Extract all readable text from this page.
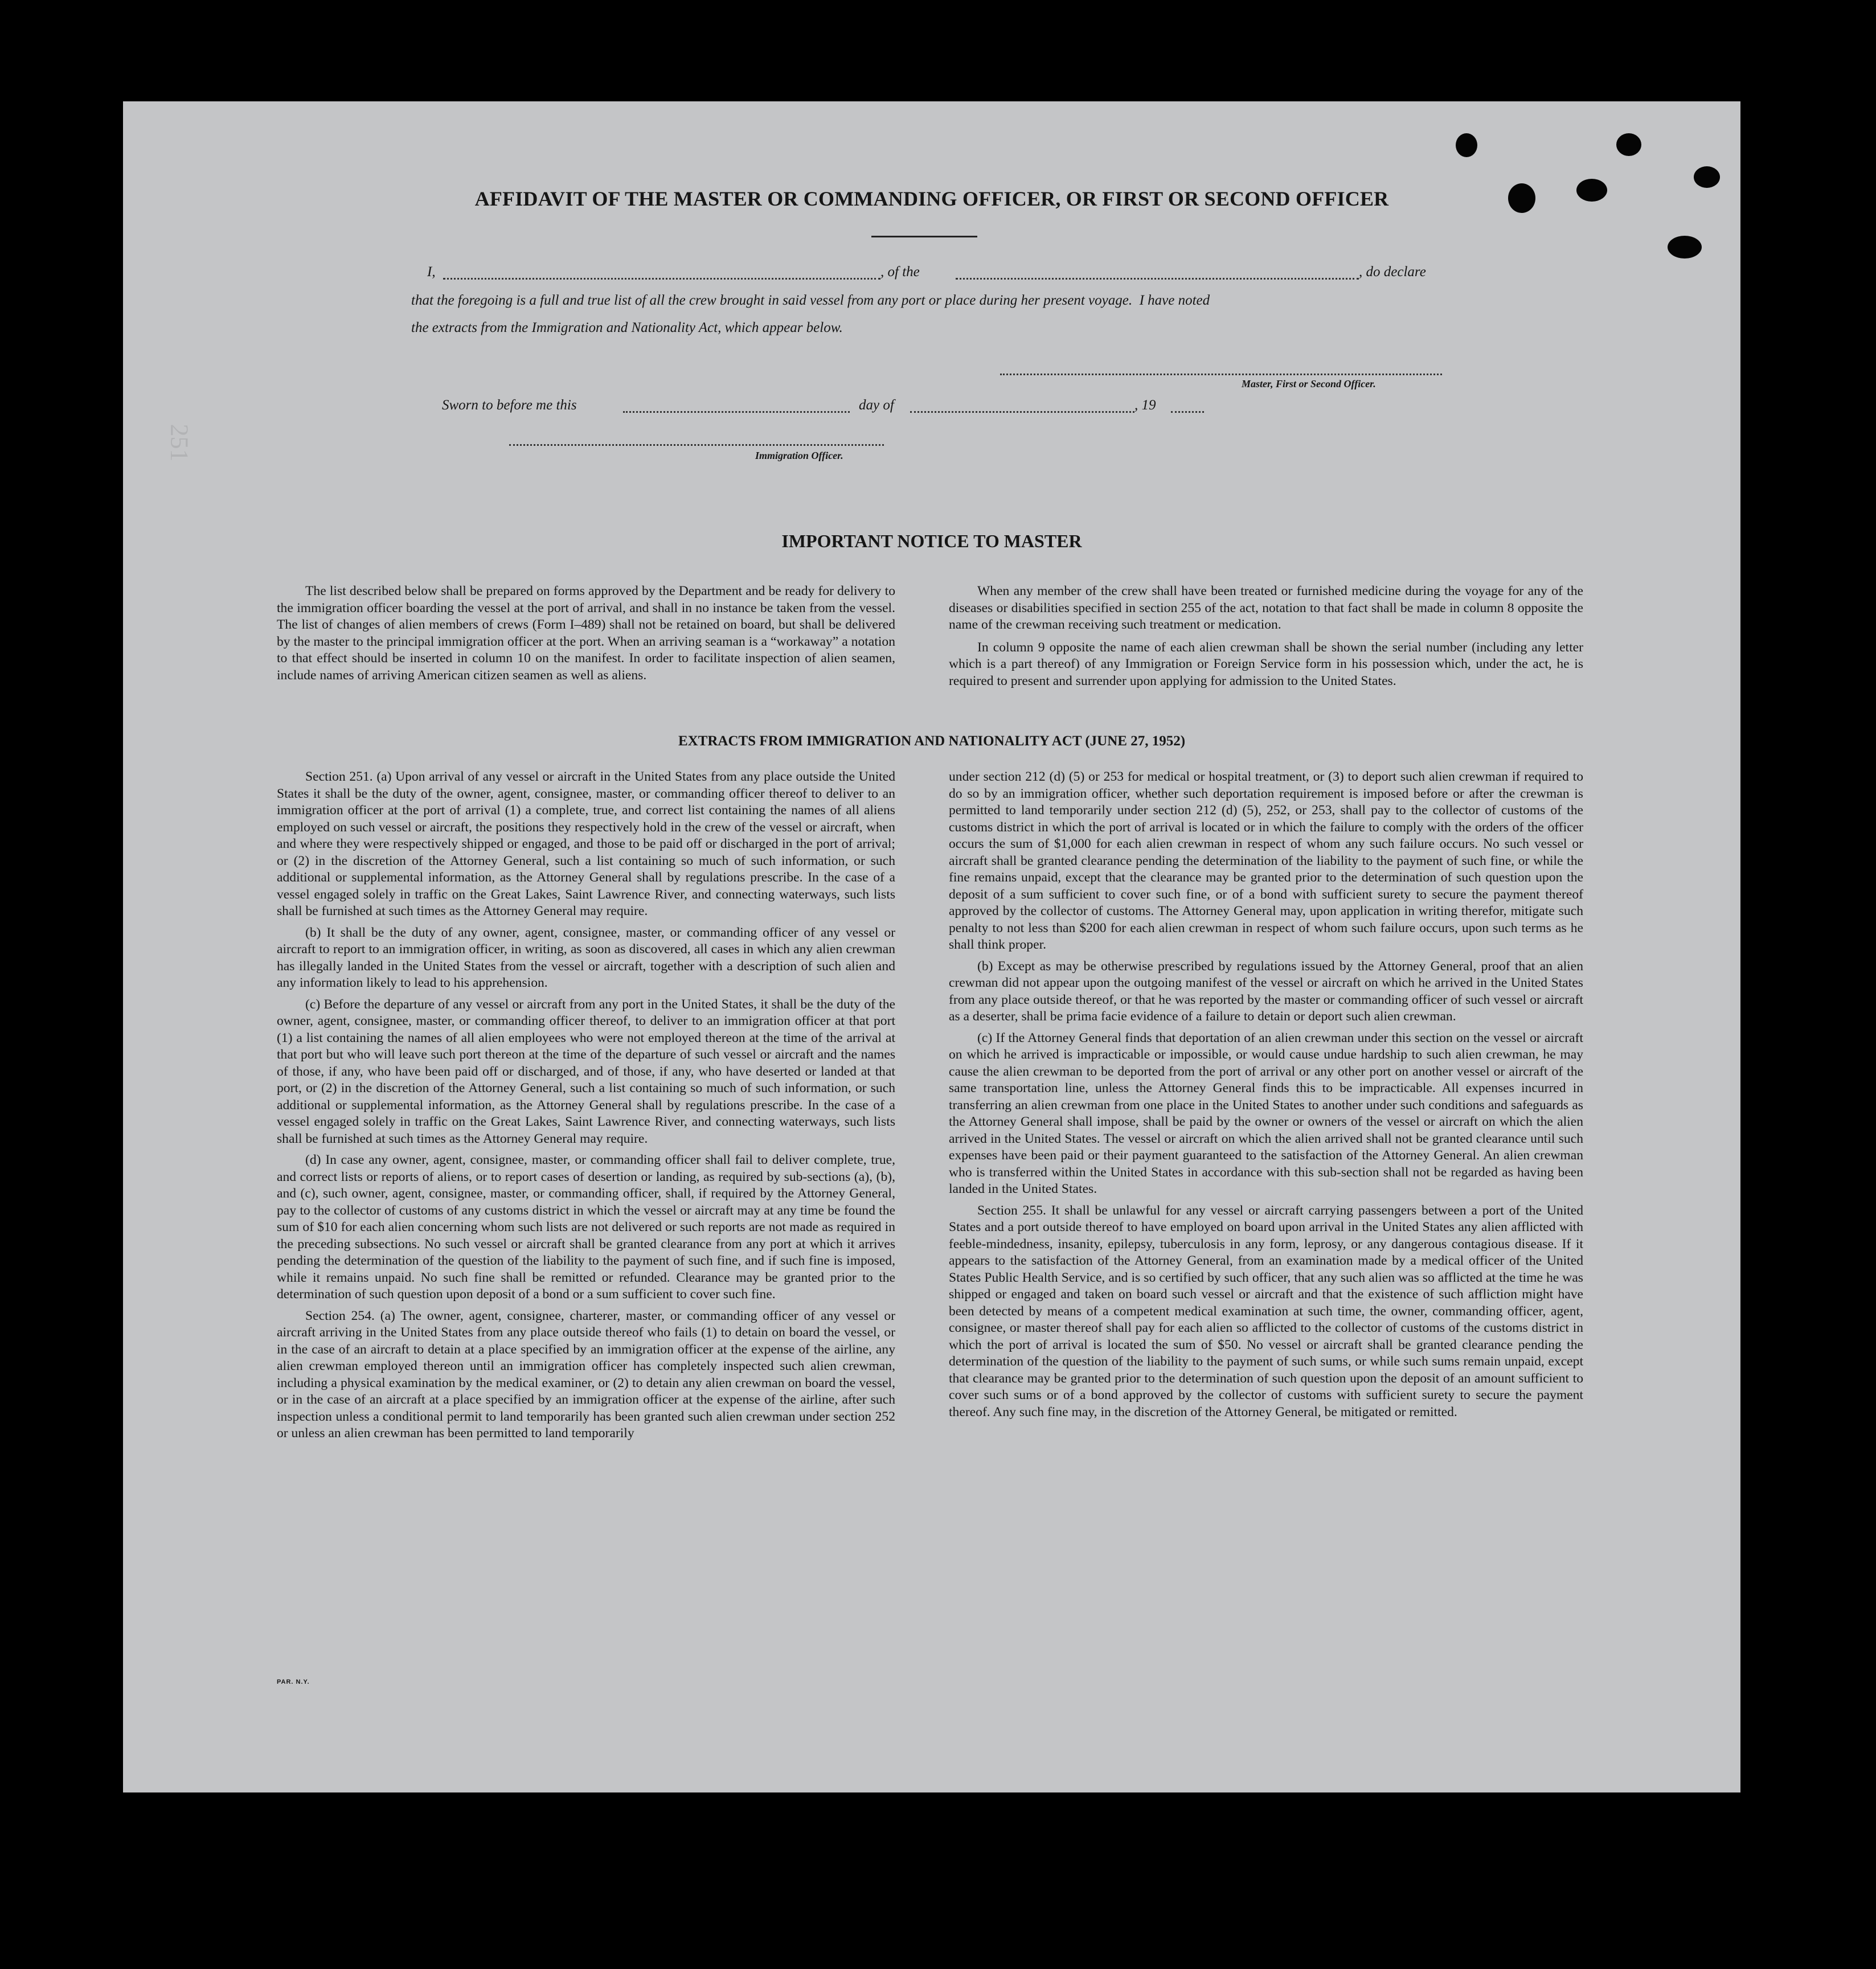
251
AFFIDAVIT OF THE MASTER OR COMMANDING OFFICER, OR FIRST OR SECOND OFFICER
I,	, of the	, do declare
that the foregoing is a full and true list of all the crew brought in said vessel from any port or place during her present voyage.  I have noted
the extracts from the Immigration and Nationality Act, which appear below.
Master, First or Second Officer.
Sworn to before me this	day of	, 19
Immigration Officer.
IMPORTANT NOTICE TO MASTER

The list described below shall be prepared on forms approved by the Department and be ready for delivery to the immigration officer boarding the vessel at the port of arrival, and shall in no instance be taken from the vessel. The list of changes of alien members of crews (Form I–489) shall not be retained on board, but shall be delivered by the master to the principal immigration officer at the port. When an arriving seaman is a “workaway” a notation to that effect should be inserted in column 10 on the manifest. In order to facilitate inspection of alien seamen, include names of arriving American citizen seamen as well as aliens.

When any member of the crew shall have been treated or furnished medicine during the voyage for any of the diseases or disabilities specified in section 255 of the act, notation to that fact shall be made in column 8 opposite the name of the crewman receiving such treatment or medication.

In column 9 opposite the name of each alien crewman shall be shown the serial number (including any letter which is a part thereof) of any Immigration or Foreign Service form in his possession which, under the act, he is required to present and surrender upon applying for admission to the United States.

EXTRACTS FROM IMMIGRATION AND NATIONALITY ACT (JUNE 27, 1952)

Section 251. (a) Upon arrival of any vessel or aircraft in the United States from any place outside the United States it shall be the duty of the owner, agent, consignee, master, or commanding officer thereof to deliver to an immigration officer at the port of arrival (1) a complete, true, and correct list containing the names of all aliens employed on such vessel or aircraft, the positions they respectively hold in the crew of the vessel or aircraft, when and where they were respectively shipped or engaged, and those to be paid off or discharged in the port of arrival; or (2) in the discretion of the Attorney General, such a list containing so much of such information, or such additional or supplemental information, as the Attorney General shall by regulations prescribe. In the case of a vessel engaged solely in traffic on the Great Lakes, Saint Lawrence River, and connecting waterways, such lists shall be furnished at such times as the Attorney General may require.

(b) It shall be the duty of any owner, agent, consignee, master, or commanding officer of any vessel or aircraft to report to an immigration officer, in writing, as soon as discovered, all cases in which any alien crewman has illegally landed in the United States from the vessel or aircraft, together with a description of such alien and any information likely to lead to his apprehension.

(c) Before the departure of any vessel or aircraft from any port in the United States, it shall be the duty of the owner, agent, consignee, master, or commanding officer thereof, to deliver to an immigration officer at that port (1) a list containing the names of all alien employees who were not employed thereon at the time of the arrival at that port but who will leave such port thereon at the time of the departure of such vessel or aircraft and the names of those, if any, who have been paid off or discharged, and of those, if any, who have deserted or landed at that port, or (2) in the discretion of the Attorney General, such a list containing so much of such information, or such additional or supplemental information, as the Attorney General shall by regulations prescribe. In the case of a vessel engaged solely in traffic on the Great Lakes, Saint Lawrence River, and connecting waterways, such lists shall be furnished at such times as the Attorney General may require.

(d) In case any owner, agent, consignee, master, or commanding officer shall fail to deliver complete, true, and correct lists or reports of aliens, or to report cases of desertion or landing, as required by sub-sections (a), (b), and (c), such owner, agent, consignee, master, or commanding officer, shall, if required by the Attorney General, pay to the collector of customs of any customs district in which the vessel or aircraft may at any time be found the sum of $10 for each alien concerning whom such lists are not delivered or such reports are not made as required in the preceding subsections. No such vessel or aircraft shall be granted clearance from any port at which it arrives pending the determination of the question of the liability to the payment of such fine, and if such fine is imposed, while it remains unpaid. No such fine shall be remitted or refunded. Clearance may be granted prior to the determination of such question upon deposit of a bond or a sum sufficient to cover such fine.

Section 254. (a) The owner, agent, consignee, charterer, master, or commanding officer of any vessel or aircraft arriving in the United States from any place outside thereof who fails (1) to detain on board the vessel, or in the case of an aircraft to detain at a place specified by an immigration officer at the expense of the airline, any alien crewman employed thereon until an immigration officer has completely inspected such alien crewman, including a physical examination by the medical examiner, or (2) to detain any alien crewman on board the vessel, or in the case of an aircraft at a place specified by an immigration officer at the expense of the airline, after such inspection unless a conditional permit to land temporarily has been granted such alien crewman under section 252 or unless an alien crewman has been permitted to land temporarily

under section 212 (d) (5) or 253 for medical or hospital treatment, or (3) to deport such alien crewman if required to do so by an immigration officer, whether such deportation requirement is imposed before or after the crewman is permitted to land temporarily under section 212 (d) (5), 252, or 253, shall pay to the collector of customs of the customs district in which the port of arrival is located or in which the failure to comply with the orders of the officer occurs the sum of $1,000 for each alien crewman in respect of whom any such failure occurs. No such vessel or aircraft shall be granted clearance pending the determination of the liability to the payment of such fine, or while the fine remains unpaid, except that the clearance may be granted prior to the determination of such question upon the deposit of a sum sufficient to cover such fine, or of a bond with sufficient surety to secure the payment thereof approved by the collector of customs. The Attorney General may, upon application in writing therefor, mitigate such penalty to not less than $200 for each alien crewman in respect of whom such failure occurs, upon such terms as he shall think proper.

(b) Except as may be otherwise prescribed by regulations issued by the Attorney General, proof that an alien crewman did not appear upon the outgoing manifest of the vessel or aircraft on which he arrived in the United States from any place outside thereof, or that he was reported by the master or commanding officer of such vessel or aircraft as a deserter, shall be prima facie evidence of a failure to detain or deport such alien crewman.

(c) If the Attorney General finds that deportation of an alien crewman under this section on the vessel or aircraft on which he arrived is impracticable or impossible, or would cause undue hardship to such alien crewman, he may cause the alien crewman to be deported from the port of arrival or any other port on another vessel or aircraft of the same transportation line, unless the Attorney General finds this to be impracticable. All expenses incurred in transferring an alien crewman from one place in the United States to another under such conditions and safeguards as the Attorney General shall impose, shall be paid by the owner or owners of the vessel or aircraft on which the alien arrived in the United States. The vessel or aircraft on which the alien arrived shall not be granted clearance until such expenses have been paid or their payment guaranteed to the satisfaction of the Attorney General. An alien crewman who is transferred within the United States in accordance with this sub-section shall not be regarded as having been landed in the United States.

Section 255. It shall be unlawful for any vessel or aircraft carrying passengers between a port of the United States and a port outside thereof to have employed on board upon arrival in the United States any alien afflicted with feeble-mindedness, insanity, epilepsy, tuberculosis in any form, leprosy, or any dangerous contagious disease. If it appears to the satisfaction of the Attorney General, from an examination made by a medical officer of the United States Public Health Service, and is so certified by such officer, that any such alien was so afflicted at the time he was shipped or engaged and taken on board such vessel or aircraft and that the existence of such affliction might have been detected by means of a competent medical examination at such time, the owner, commanding officer, agent, consignee, or master thereof shall pay for each alien so afflicted to the collector of customs of the customs district in which the port of arrival is located the sum of $50. No vessel or aircraft shall be granted clearance pending the determination of the question of the liability to the payment of such sums, or while such sums remain unpaid, except that clearance may be granted prior to the determination of such question upon the deposit of an amount sufficient to cover such sums or of a bond approved by the collector of customs with sufficient surety to secure the payment thereof. Any such fine may, in the discretion of the Attorney General, be mitigated or remitted.

PAR. N.Y.
